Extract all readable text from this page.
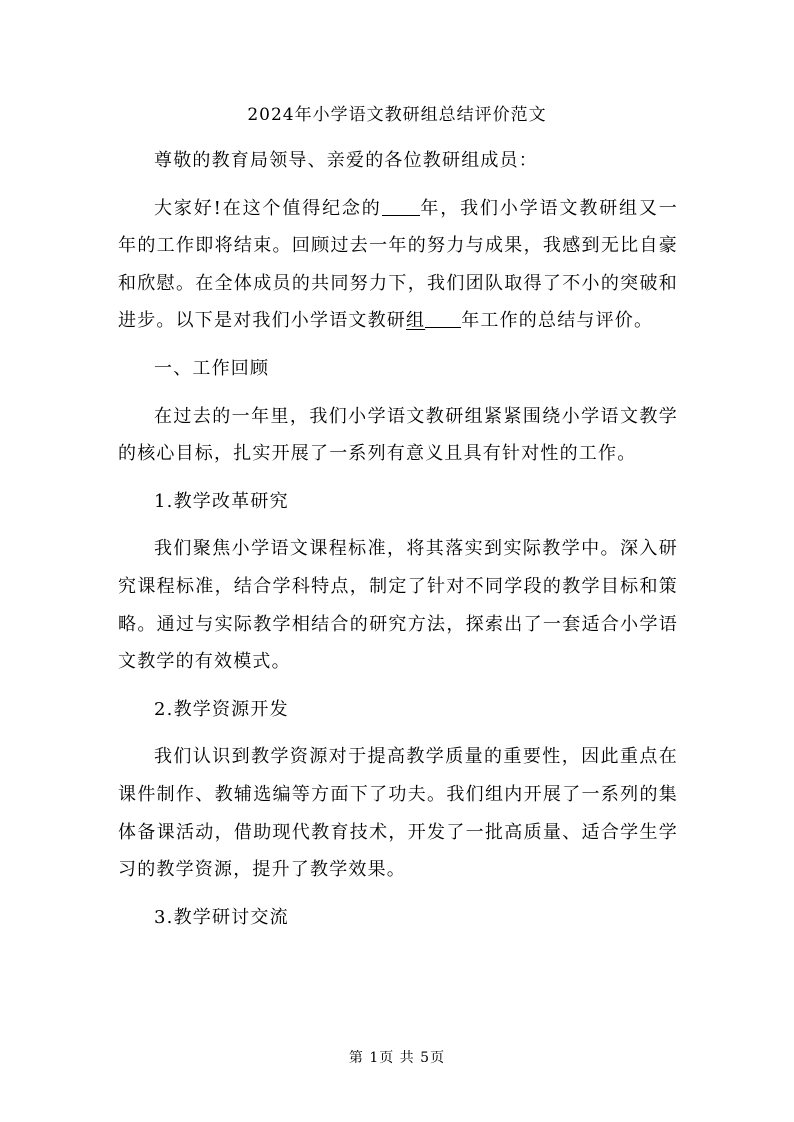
2024年小学语文教研组总结评价范文

尊敬的教育局领导、亲爱的各位教研组成员：

大家好!在这个值得纪念的 年，我们小学语文教研组又一年的工作即将结束。回顾过去一年的努力与成果，我感到无比自豪和欣慰。在全体成员的共同努力下，我们团队取得了不小的突破和进步。以下是对我们小学语文教研组 年工作的总结与评价。

一、工作回顾

在过去的一年里，我们小学语文教研组紧紧围绕小学语文教学的核心目标，扎实开展了一系列有意义且具有针对性的工作。

1.教学改革研究

我们聚焦小学语文课程标准，将其落实到实际教学中。深入研究课程标准，结合学科特点，制定了针对不同学段的教学目标和策略。通过与实际教学相结合的研究方法，探索出了一套适合小学语文教学的有效模式。

2.教学资源开发

我们认识到教学资源对于提高教学质量的重要性，因此重点在课件制作、教辅选编等方面下了功夫。我们组内开展了一系列的集体备课活动，借助现代教育技术，开发了一批高质量、适合学生学习的教学资源，提升了教学效果。

3.教学研讨交流

第 1页 共 5页
